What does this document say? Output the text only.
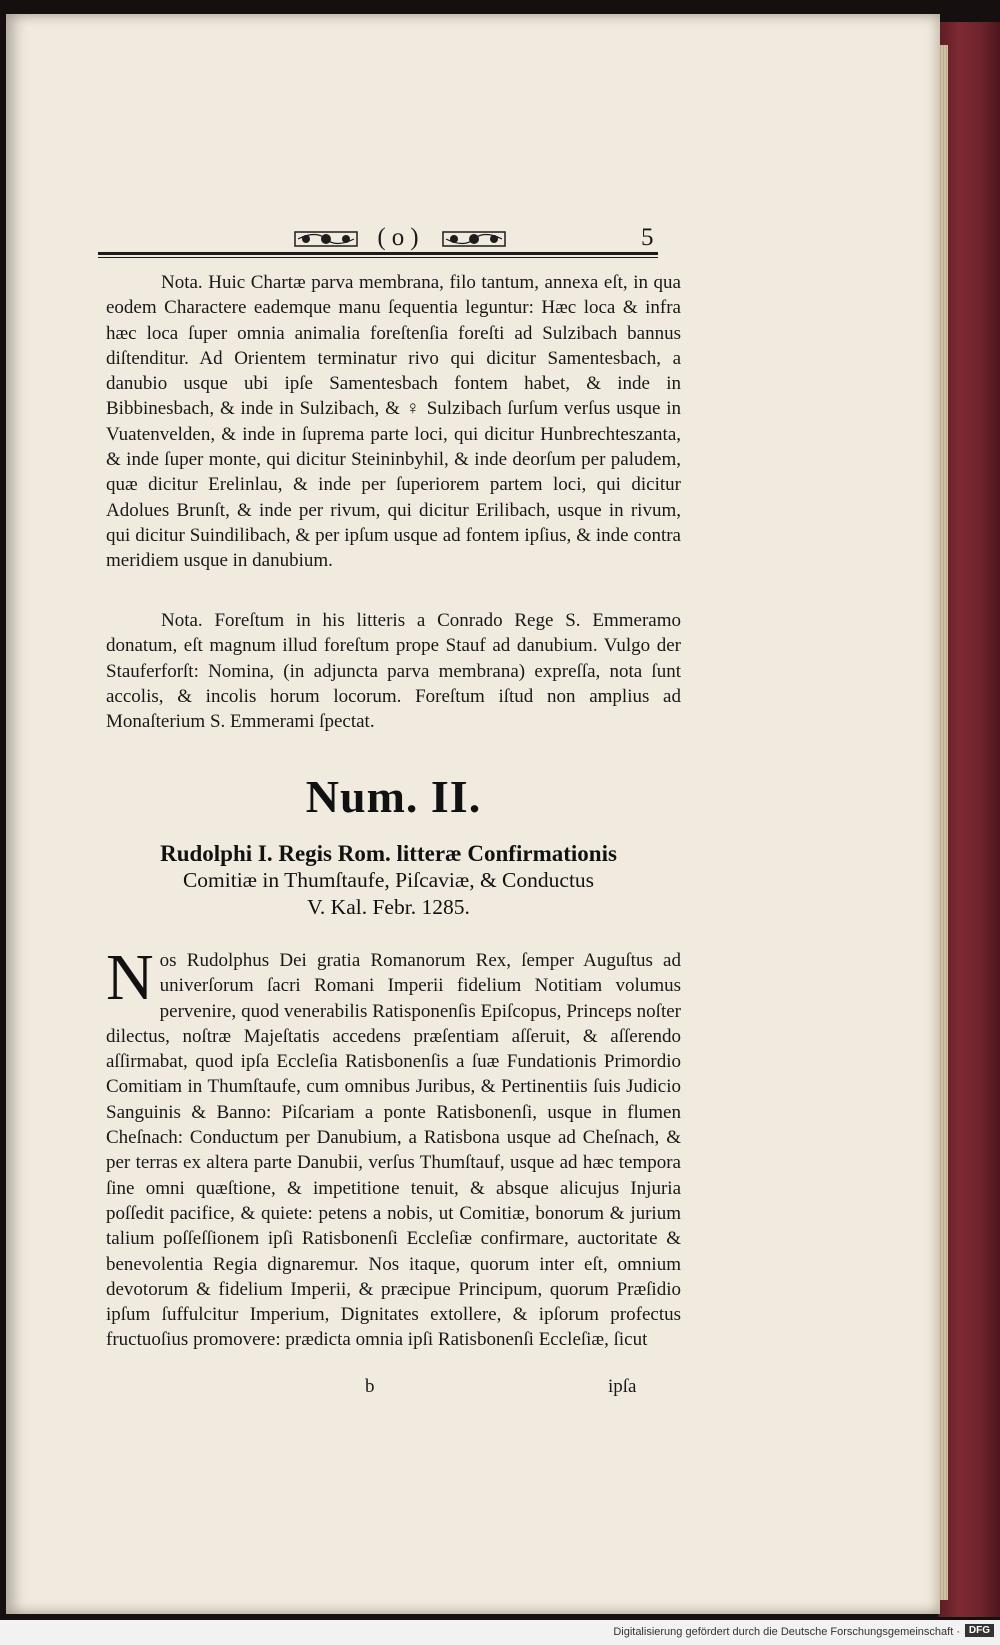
(o)	5
Nota. Huic Chartæ parva membrana, filo tantum, annexa eſt, in qua eodem Charactere eademque manu ſequentia leguntur: Hæc loca & infra hæc loca ſuper omnia animalia foreſtenſia foreſti ad Sulzibach bannus diſtenditur. Ad Orientem terminatur rivo qui dicitur Samentesbach, a danubio usque ubi ipſe Samentesbach fontem habet, & inde in Bibbinesbach, & inde in Sulzibach, & ♀ Sulzibach ſurſum verſus usque in Vuatenvelden, & inde in ſuprema parte loci, qui dicitur Hunbrechteszanta, & inde ſuper monte, qui dicitur Steininbyhil, & inde deorſum per paludem, quæ dicitur Erelinlau, & inde per ſuperiorem partem loci, qui dicitur Adolues Brunſt, & inde per rivum, qui dicitur Erilibach, usque in rivum, qui dicitur Suindilibach, & per ipſum usque ad fontem ipſius, & inde contra meridiem usque in danubium.
Nota. Foreſtum in his litteris a Conrado Rege S. Emmeramo donatum, eſt magnum illud foreſtum prope Stauf ad danubium. Vulgo der Stauferforſt: Nomina, (in adjuncta parva membrana) expreſſa, nota ſunt accolis, & incolis horum locorum. Foreſtum iſtud non amplius ad Monaſterium S. Emmerami ſpectat.
Num. II.
Rudolphi I. Regis Rom. litteræ Confirmationis
Comitiæ in Thumſtaufe, Piſcaviæ, & Conductus
V. Kal. Febr. 1285.
N os Rudolphus Dei gratia Romanorum Rex, ſemper Auguſtus ad univerſorum ſacri Romani Imperii fidelium Notitiam volumus pervenire, quod venerabilis Ratisponenſis Epiſcopus, Princeps noſter dilectus, noſtræ Majeſtatis accedens præſentiam aſſeruit, & aſſerendo aſſirmabat, quod ipſa Eccleſia Ratisbonenſis a ſuæ Fundationis Primordio Comitiam in Thumſtaufe, cum omnibus Juribus, & Pertinentiis ſuis Judicio Sanguinis & Banno: Piſcariam a ponte Ratisbonenſi, usque in flumen Cheſnach: Conductum per Danubium, a Ratisbona usque ad Cheſnach, & per terras ex altera parte Danubii, verſus Thumſtauf, usque ad hæc tempora ſine omni quæſtione, & impetitione tenuit, & absque alicujus Injuria poſſedit pacifice, & quiete: petens a nobis, ut Comitiæ, bonorum & jurium talium poſſeſſionem ipſi Ratisbonenſi Eccleſiæ confirmare, auctoritate & benevolentia Regia dignaremur. Nos itaque, quorum inter eſt, omnium devotorum & fidelium Imperii, & præcipue Principum, quorum Præſidio ipſum ſuffulcitur Imperium, Dignitates extollere, & ipſorum profectus fructuoſius promovere: prædicta omnia ipſi Ratisbonenſi Eccleſiæ, ſicut
b	ipſa
Digitalisierung gefördert durch die Deutsche Forschungsgemeinschaft · DFG
